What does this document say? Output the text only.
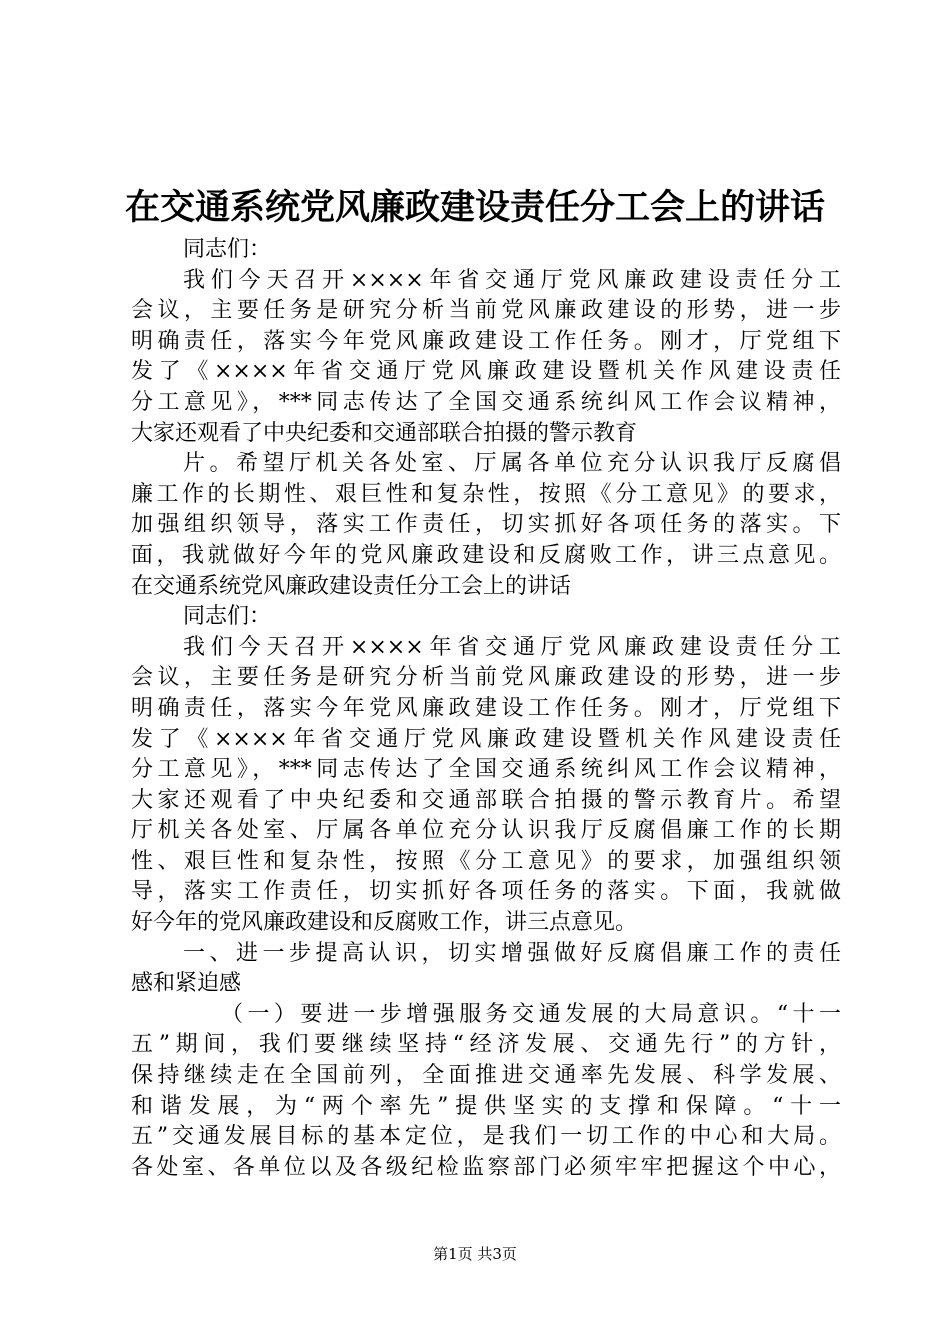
在交通系统党风廉政建设责任分工会上的讲话
同志们：
我们今天召开××××年省交通厅党风廉政建设责任分工
会议，主要任务是研究分析当前党风廉政建设的形势，进一步
明确责任，落实今年党风廉政建设工作任务。刚才，厅党组下
发了《××××年省交通厅党风廉政建设暨机关作风建设责任
分工意见》，***同志传达了全国交通系统纠风工作会议精神，
大家还观看了中央纪委和交通部联合拍摄的警示教育
片。希望厅机关各处室、厅属各单位充分认识我厅反腐倡
廉工作的长期性、艰巨性和复杂性，按照《分工意见》的要求，
加强组织领导，落实工作责任，切实抓好各项任务的落实。下
面，我就做好今年的党风廉政建设和反腐败工作，讲三点意见。
在交通系统党风廉政建设责任分工会上的讲话
同志们：
我们今天召开××××年省交通厅党风廉政建设责任分工
会议，主要任务是研究分析当前党风廉政建设的形势，进一步
明确责任，落实今年党风廉政建设工作任务。刚才，厅党组下
发了《××××年省交通厅党风廉政建设暨机关作风建设责任
分工意见》，***同志传达了全国交通系统纠风工作会议精神，
大家还观看了中央纪委和交通部联合拍摄的警示教育片。希望
厅机关各处室、厅属各单位充分认识我厅反腐倡廉工作的长期
性、艰巨性和复杂性，按照《分工意见》的要求，加强组织领
导，落实工作责任，切实抓好各项任务的落实。下面，我就做
好今年的党风廉政建设和反腐败工作，讲三点意见。
一、进一步提高认识，切实增强做好反腐倡廉工作的责任
感和紧迫感
（一）要进一步增强服务交通发展的大局意识。“十一
五”期间，我们要继续坚持“经济发展、交通先行”的方针，
保持继续走在全国前列，全面推进交通率先发展、科学发展、
和谐发展，为“两个率先”提供坚实的支撑和保障。“十一
五”交通发展目标的基本定位，是我们一切工作的中心和大局。
各处室、各单位以及各级纪检监察部门必须牢牢把握这个中心，
第1页 共3页
